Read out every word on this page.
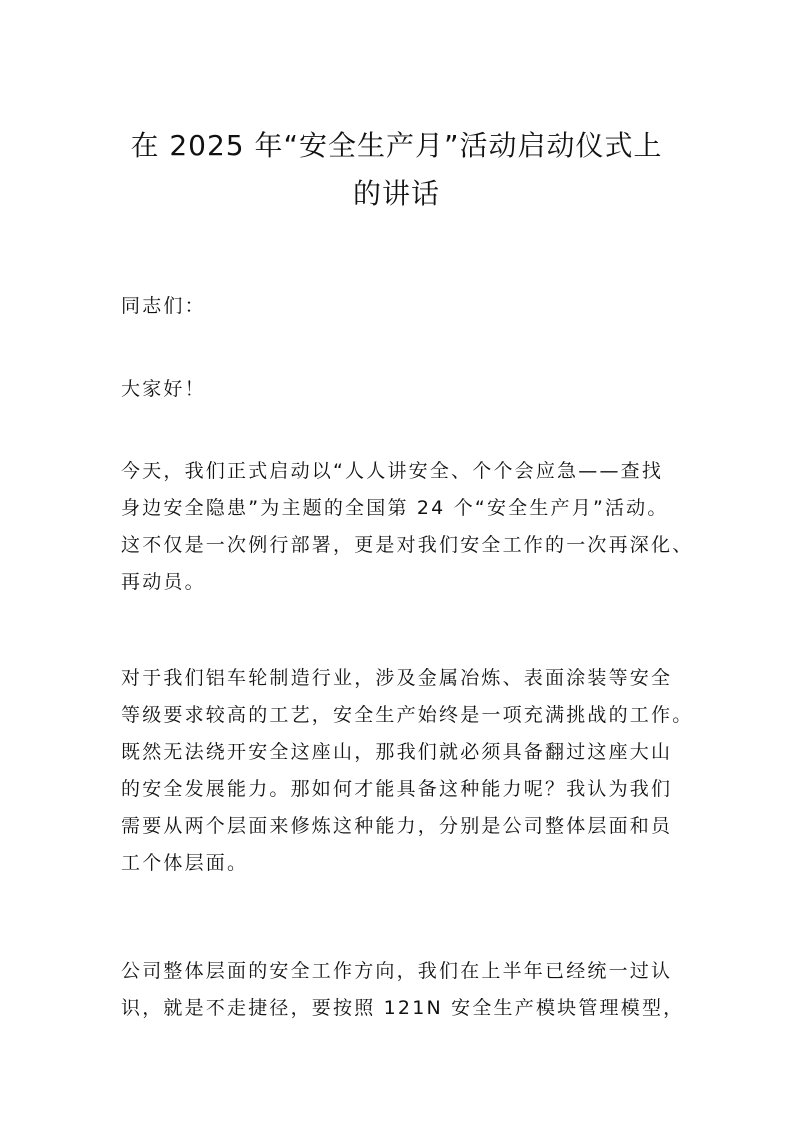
在 2025 年“安全生产月”活动启动仪式上
的讲话
同志们：
大家好！
今天，我们正式启动以“人人讲安全、个个会应急——查找
身边安全隐患”为主题的全国第 24 个“安全生产月”活动。
这不仅是一次例行部署，更是对我们安全工作的一次再深化、
再动员。
对于我们铝车轮制造行业，涉及金属冶炼、表面涂装等安全
等级要求较高的工艺，安全生产始终是一项充满挑战的工作。
既然无法绕开安全这座山，那我们就必须具备翻过这座大山
的安全发展能力。那如何才能具备这种能力呢？我认为我们
需要从两个层面来修炼这种能力，分别是公司整体层面和员
工个体层面。
公司整体层面的安全工作方向，我们在上半年已经统一过认
识，就是不走捷径，要按照 121N 安全生产模块管理模型，
